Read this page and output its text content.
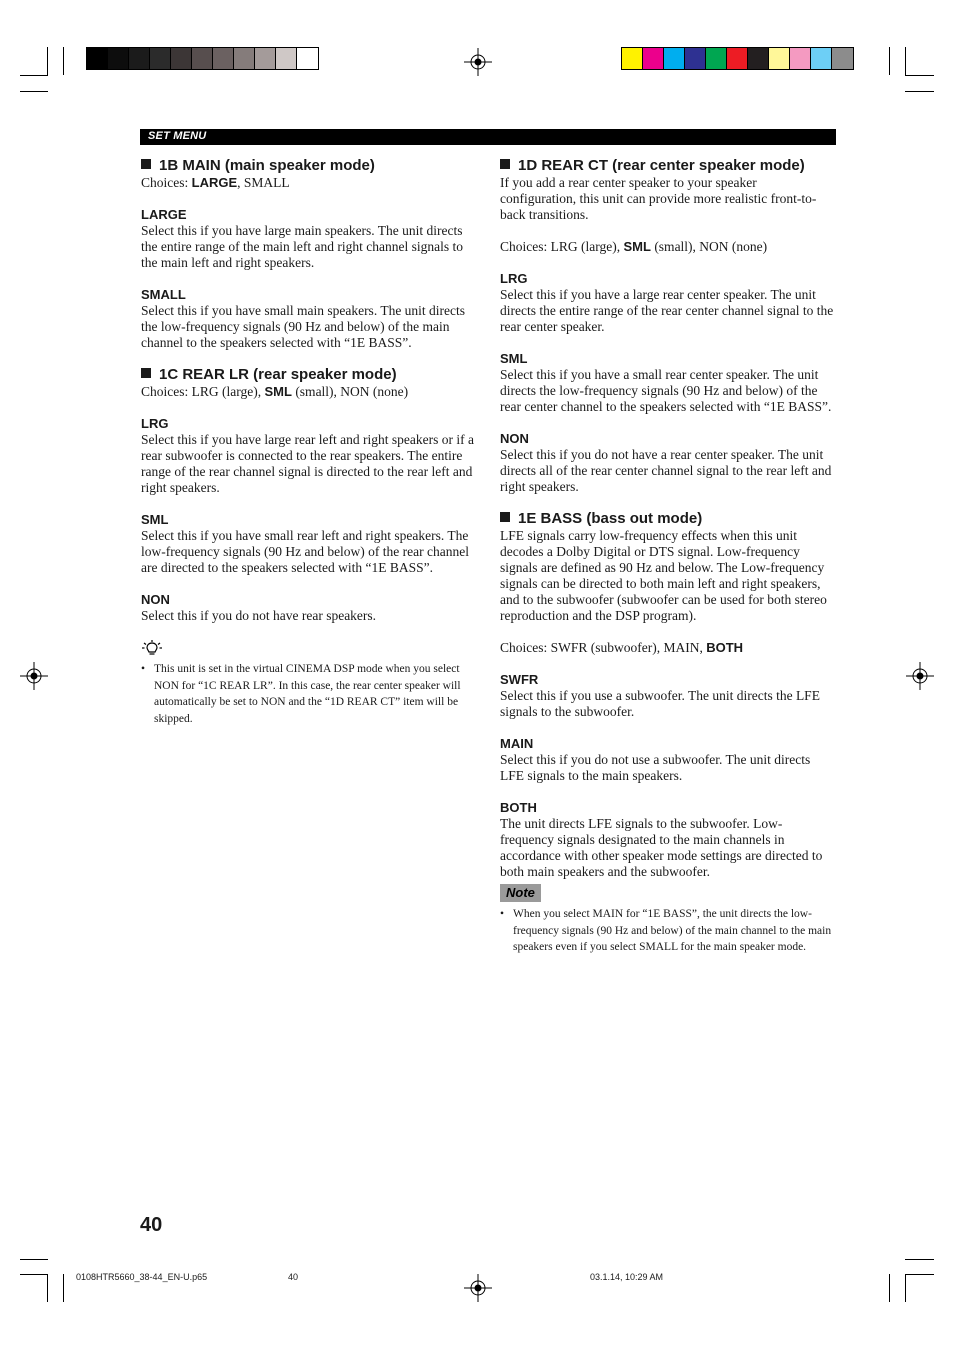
SET MENU
1B MAIN (main speaker mode)

Choices: LARGE, SMALL

LARGE

Select this if you have large main speakers. The unit directs the entire range of the main left and right channel signals to the main left and right speakers.

SMALL

Select this if you have small main speakers. The unit directs the low-frequency signals (90 Hz and below) of the main channel to the speakers selected with “1E BASS”.

1C REAR LR (rear speaker mode)

Choices: LRG (large), SML (small), NON (none)

LRG

Select this if you have large rear left and right speakers or if a rear subwoofer is connected to the rear speakers. The entire range of the rear channel signal is directed to the rear left and right speakers.

SML

Select this if you have small rear left and right speakers. The low-frequency signals (90 Hz and below) of the rear channel are directed to the speakers selected with “1E BASS”.

NON

Select this if you do not have rear speakers.

• This unit is set in the virtual CINEMA DSP mode when you select NON for “1C REAR LR”. In this case, the rear center speaker will automatically be set to NON and the “1D REAR CT” item will be skipped.

1D REAR CT (rear center speaker mode)

If you add a rear center speaker to your speaker configuration, this unit can provide more realistic front-to-back transitions.

Choices: LRG (large), SML (small), NON (none)

LRG

Select this if you have a large rear center speaker. The unit directs the entire range of the rear center channel signal to the rear center speaker.

SML

Select this if you have a small rear center speaker. The unit directs the low-frequency signals (90 Hz and below) of the rear center channel to the speakers selected with “1E BASS”.

NON

Select this if you do not have a rear center speaker. The unit directs all of the rear center channel signal to the rear left and right speakers.

1E BASS (bass out mode)

LFE signals carry low-frequency effects when this unit decodes a Dolby Digital or DTS signal. Low-frequency signals are defined as 90 Hz and below. The Low-frequency signals can be directed to both main left and right speakers, and to the subwoofer (subwoofer can be used for both stereo reproduction and the DSP program).

Choices: SWFR (subwoofer), MAIN, BOTH

SWFR

Select this if you use a subwoofer. The unit directs the LFE signals to the subwoofer.

MAIN

Select this if you do not use a subwoofer. The unit directs LFE signals to the main speakers.

BOTH

The unit directs LFE signals to the subwoofer. Low-frequency signals designated to the main channels in accordance with other speaker mode settings are directed to both main speakers and the subwoofer.

Note

• When you select MAIN for “1E BASS”, the unit directs the low-frequency signals (90 Hz and below) of the main channel to the main speakers even if you select SMALL for the main speaker mode.

40
0108HTR5660_38-44_EN-U.p65	40	03.1.14, 10:29 AM
